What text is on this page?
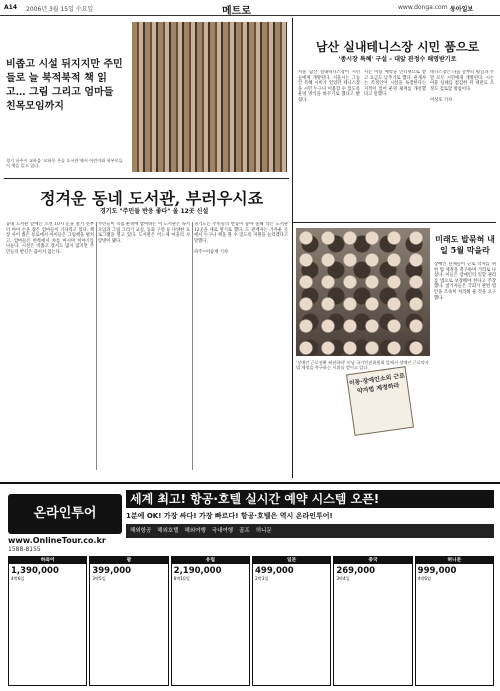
A14 2006년 3월 15일 수요일	메트로	www.donga.com 동아일보
비좁고 시설 뒤지지만 주민들로 늘 북적북적 책 읽고… 그림 그리고 엄마들 친목모임까지
경기 파주시 교하읍 '교하동 온돌 도서관'에서 어린이와 학부모들이 책을 읽고 있다.
정겨운 동네 도서관, 부러우시죠
경기도 "주민들 반응 좋다" 올 12곳 신설
동네 도서관 앞에는 오전 10시 문을 열기 전부터 아이 손을 잡은 엄마들이 기다리고 있다. 책장 사이 좁은 통로에서 아이들은 그림책을 펼치고, 엄마들은 한쪽에서 차를 마시며 이야기를 나눈다. 시설은 비좁고 장서도 많지 않지만 주민들의 발길은 끊이지 않는다.
주민들이 직접 운영에 참여하는 이 도서관은 독서 모임과 그림 그리기 교실, 동화 구연 등 다양한 프로그램을 열고 있다. 도서관은 어느새 마을의 사랑방이 됐다.
경기도는 주민들의 반응이 좋아 올해 작은 도서관 12곳을 새로 열기로 했다. 도 관계자는 가까운 곳에서 누구나 책을 볼 수 있도록 지원을 늘리겠다고 말했다.

파주=이승재 기자
남산 실내테니스장 시민 품으로
'종시장 특혜' 구설 – 대앞 관정수 해명받기로
서울 남산 실내테니스장이 시민들에게 개방된다. 서울시는 그동안 특혜 시비가 일었던 테니스장을 시민 누구나 이용할 수 있도록 운영 방식을 바꾸기로 했다고 밝혔다.
시는 이용 예약을 인터넷으로 받고 요금도 낮추기로 했다. 관계자는 특정인이 시설을 독점한다는 지적이 있어 운영 체계를 개선했다고 말했다.
테니스장은 다음 달부터 평일과 주말 모두 시민에게 개방된다. 시는 이용 실태를 점검한 뒤 대관료 조정도 검토할 방침이다.

이성호 기자
미래도 발묶혀 내일 5월 막을라
장애인 단체들이 근로 약자를 위한 법 제정을 촉구하며 거리로 나섰다. 이들은 장애인의 일할 권리를 법으로 보장해야 한다고 주장했다. 참가자들은 국회가 관련 법안을 조속히 처리해 줄 것을 요구했다.
이동·장애인소외 근로약자법 제정하라
'장애인 근로권확 허권하라' 이날 국가인권위원회 앞에서 장애인 근로약자법 제정을 촉구하는 시위를 벌이고 있다.
온라인투어
www.OnlineTour.co.kr
1588-8155
세계 최고! 항공·호텔 실시간 예약 시스템 오픈!
1분에 OK! 가장 싸다! 가장 빠르다! 항공·호텔은 역시 온라인투어!
해외항공 해외호텔 해외여행 국내여행 골프 허니문
하와이
1,390,000
4박6일
괌
399,000
3박5일
유럽
2,190,000
8박10일
일본
499,000
2박3일
중국
269,000
3박4일
허니문
999,000
4박6일
